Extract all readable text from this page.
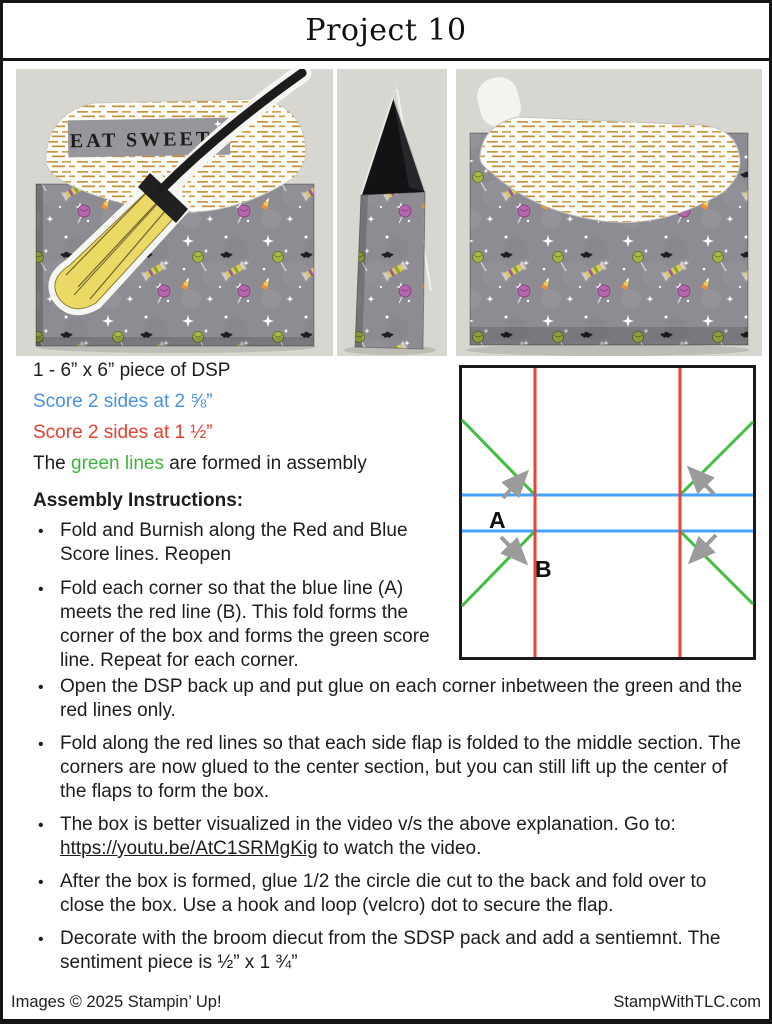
Project 10
EAT SWEETS

1 - 6” x 6” piece of DSP

Score 2 sides at 2 ⅝”

Score 2 sides at 1 ½”

The green lines are formed in assembly

Assembly Instructions:

• Fold and Burnish along the Red and Blue Score lines. Reopen
• Fold each corner so that the blue line (A) meets the red line (B). This fold forms the corner of the box and forms the green score line. Repeat for each corner.
A
B
• Open the DSP back up and put glue on each corner inbetween the green and the red lines only.
• Fold along the red lines so that each side flap is folded to the middle section. The corners are now glued to the center section, but you can still lift up the center of the flaps to form the box.
• The box is better visualized in the video v/s the above explanation. Go to: https://youtu.be/AtC1SRMgKig to watch the video.
• After the box is formed, glue 1/2 the circle die cut to the back and fold over to close the box. Use a hook and loop (velcro) dot to secure the flap.
• Decorate with the broom diecut from the SDSP pack and add a sentiemnt. The sentiment piece is ½” x 1 ¾”
Images © 2025 Stampin’ Up!	StampWithTLC.com
